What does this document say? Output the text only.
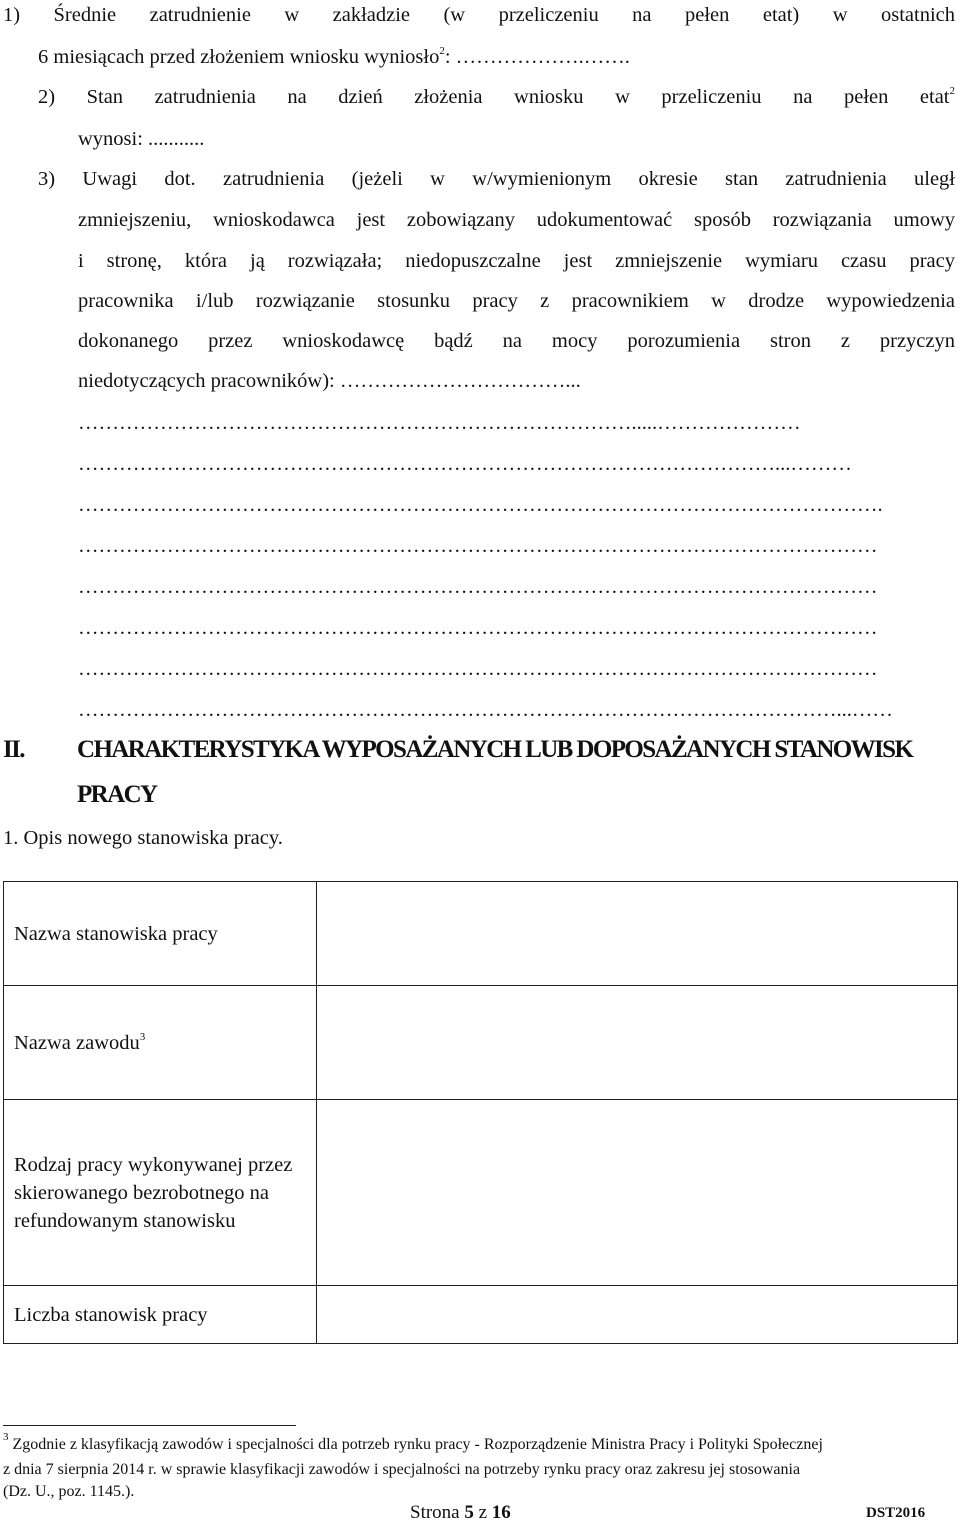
1) Średnie zatrudnienie w zakładzie (w przeliczeniu na pełen etat) w ostatnich
6 miesiącach przed złożeniem wniosku wyniosło$^2$: ……………….…….
2) Stan zatrudnienia na dzień złożenia wniosku w przeliczeniu na pełen etat$^2$
wynosi: ...........
3) Uwagi dot. zatrudnienia (jeżeli w w/wymienionym okresie stan zatrudnienia uległ
zmniejszeniu, wnioskodawca jest zobowiązany udokumentować sposób rozwiązania umowy
i stronę, która ją rozwiązała; niedopuszczalne jest zmniejszenie wymiaru czasu pracy
pracownika i/lub rozwiązanie stosunku pracy z pracownikiem w drodze wypowiedzenia
dokonanego przez wnioskodawcę bądź na mocy porozumienia stron z przyczyn
niedotyczących pracowników): ……………………………...
……………………………………………………………………….....…………………
…………………………………………………………………………………………...………
……………………………………………………………………………………………………….
………………………………………………………………………………………………………
………………………………………………………………………………………………………
………………………………………………………………………………………………………
………………………………………………………………………………………………………
…………………………………………………………………………………………………...……
II. CHARAKTERYSTYKA WYPOSAŻANYCH LUB DOPOSAŻANYCH STANOWISK
PRACY
1. Opis nowego stanowiska pracy.
Nazwa stanowiska pracy	
Nazwa zawodu$^3$	
Rodzaj pracy wykonywanej przez skierowanego bezrobotnego na refundowanym stanowisku	
Liczba stanowisk pracy	
$^3$ Zgodnie z klasyfikacją zawodów i specjalności dla potrzeb rynku pracy - Rozporządzenie Ministra Pracy i Polityki Społecznej
z dnia 7 sierpnia 2014 r. w sprawie klasyfikacji zawodów i specjalności na potrzeby rynku pracy oraz zakresu jej stosowania
(Dz. U., poz. 1145.).
Strona 5 z 16	DST2016
